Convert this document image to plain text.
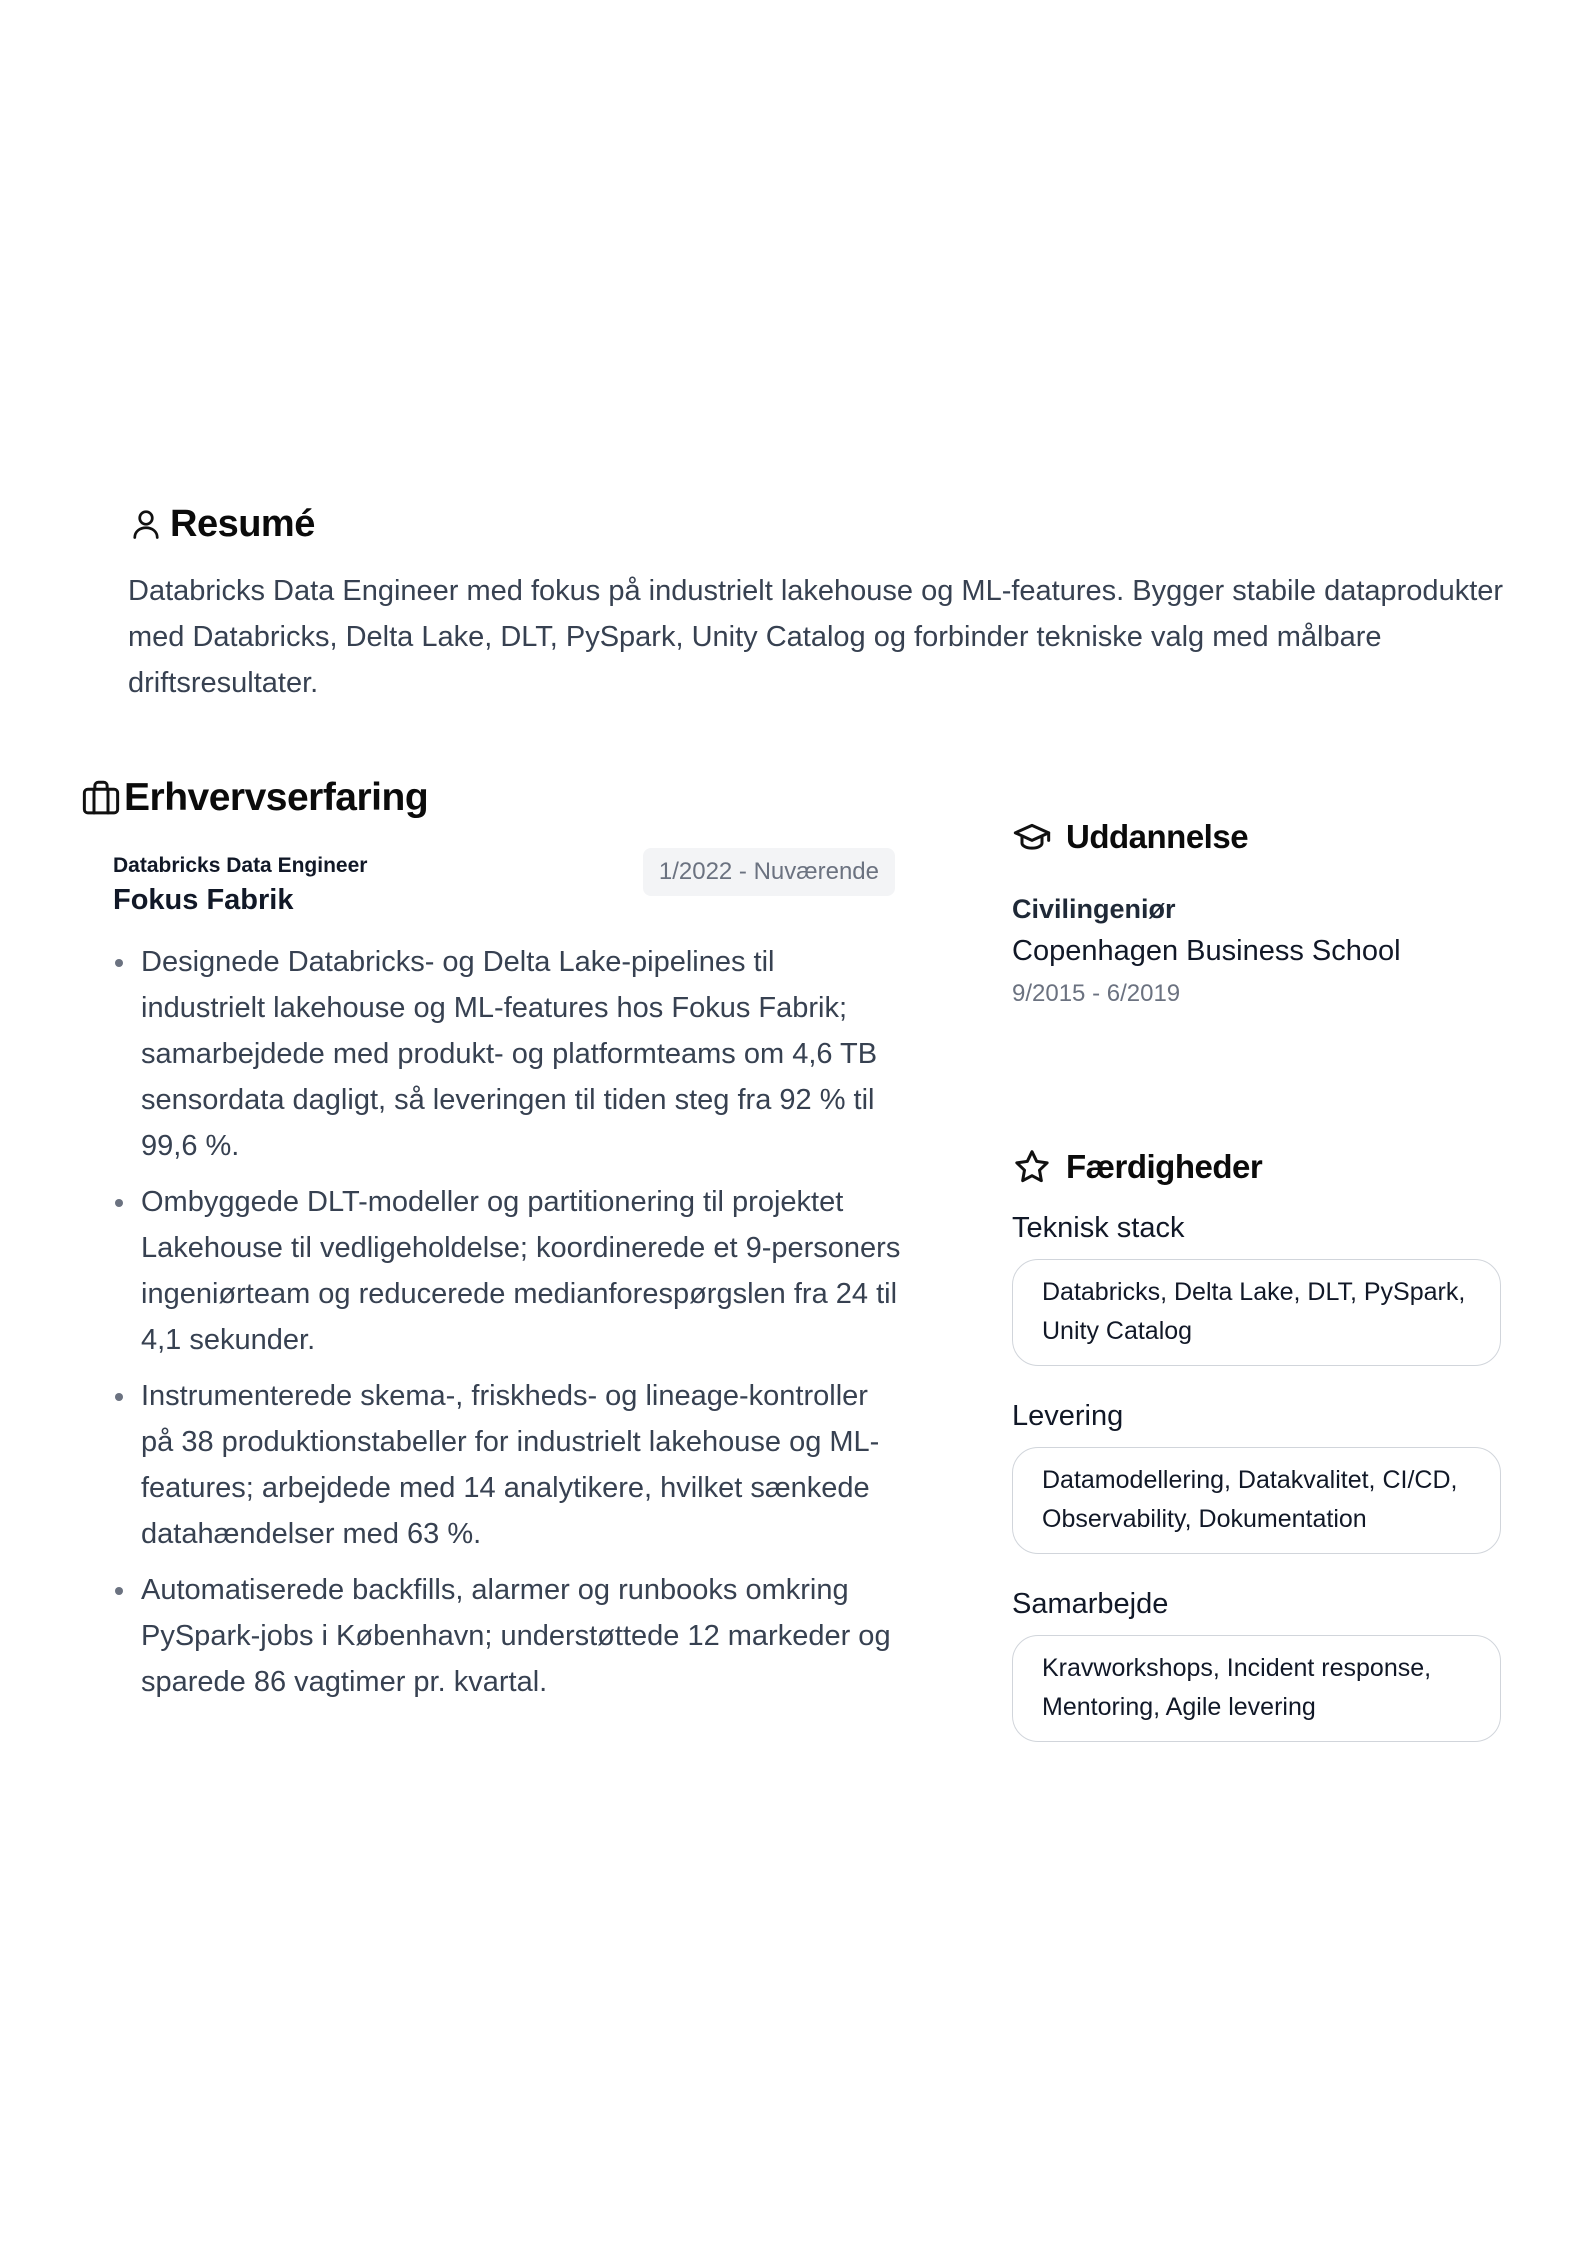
Resumé
Databricks Data Engineer med fokus på industrielt lakehouse og ML-features. Bygger stabile dataprodukter med Databricks, Delta Lake, DLT, PySpark, Unity Catalog og forbinder tekniske valg med målbare driftsresultater.
Erhvervserfaring
Databricks Data Engineer
Fokus Fabrik
1/2022 - Nuværende
Designede Databricks- og Delta Lake-pipelines til industrielt lakehouse og ML-features hos Fokus Fabrik; samarbejdede med produkt- og platformteams om 4,6 TB sensordata dagligt, så leveringen til tiden steg fra 92 % til 99,6 %.
Ombyggede DLT-modeller og partitionering til projektet Lakehouse til vedligeholdelse; koordinerede et 9-personers ingeniørteam og reducerede medianforespørgslen fra 24 til 4,1 sekunder.
Instrumenterede skema-, friskheds- og lineage-kontroller på 38 produktionstabeller for industrielt lakehouse og ML-features; arbejdede med 14 analytikere, hvilket sænkede datahændelser med 63 %.
Automatiserede backfills, alarmer og runbooks omkring PySpark-jobs i København; understøttede 12 markeder og sparede 86 vagtimer pr. kvartal.
Uddannelse
Civilingeniør
Copenhagen Business School
9/2015 - 6/2019
Færdigheder
Teknisk stack
Databricks, Delta Lake, DLT, PySpark, Unity Catalog
Levering
Datamodellering, Datakvalitet, CI/CD, Observability, Dokumentation
Samarbejde
Kravworkshops, Incident response, Mentoring, Agile levering
